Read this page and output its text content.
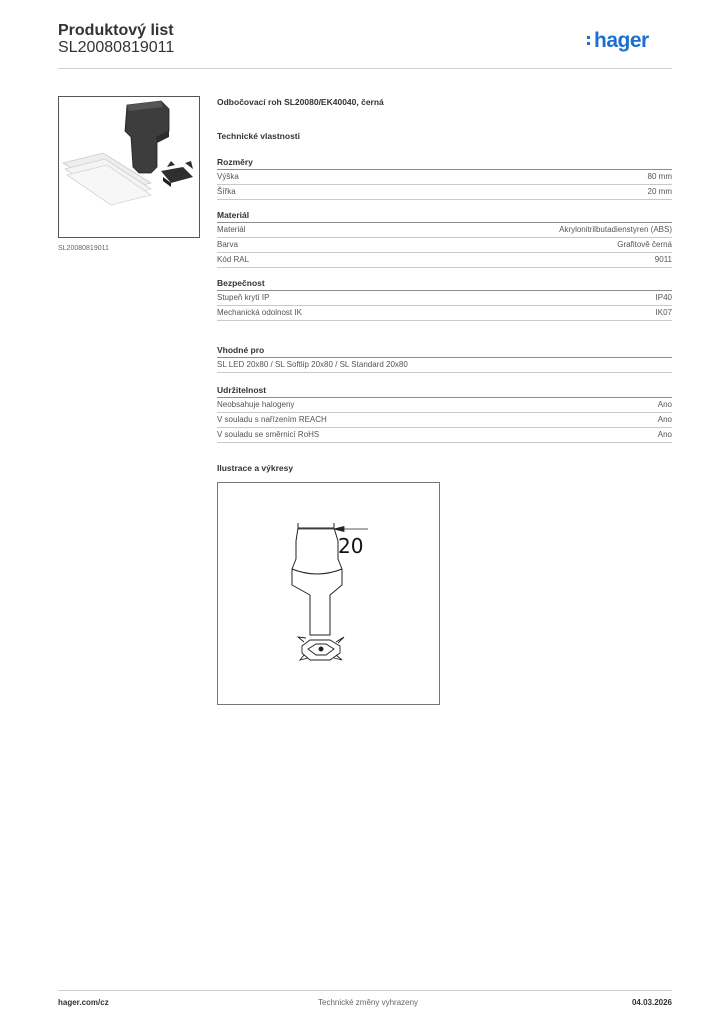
Produktový list
SL20080819011	hager
SL20080819011
Odbočovací roh SL20080/EK40040, černá
Technické vlastnosti
Rozměry
Výška	80 mm
Šířka	20 mm
Materiál
Materiál	Akrylonitrilbutadienstyren (ABS)
Barva	Grafitově černá
Kód RAL	9011
Bezpečnost
Stupeň krytí IP	IP40
Mechanická odolnost IK	IK07
Vhodné pro
SL LED 20x80 / SL Softlip 20x80 / SL Standard 20x80
Udržitelnost
Neobsahuje halogeny	Ano
V souladu s nařízením REACH	Ano
V souladu se směrnicí RoHS	Ano
Ilustrace a výkresy
20
hager.com/cz	Technické změny vyhrazeny	04.03.2026
